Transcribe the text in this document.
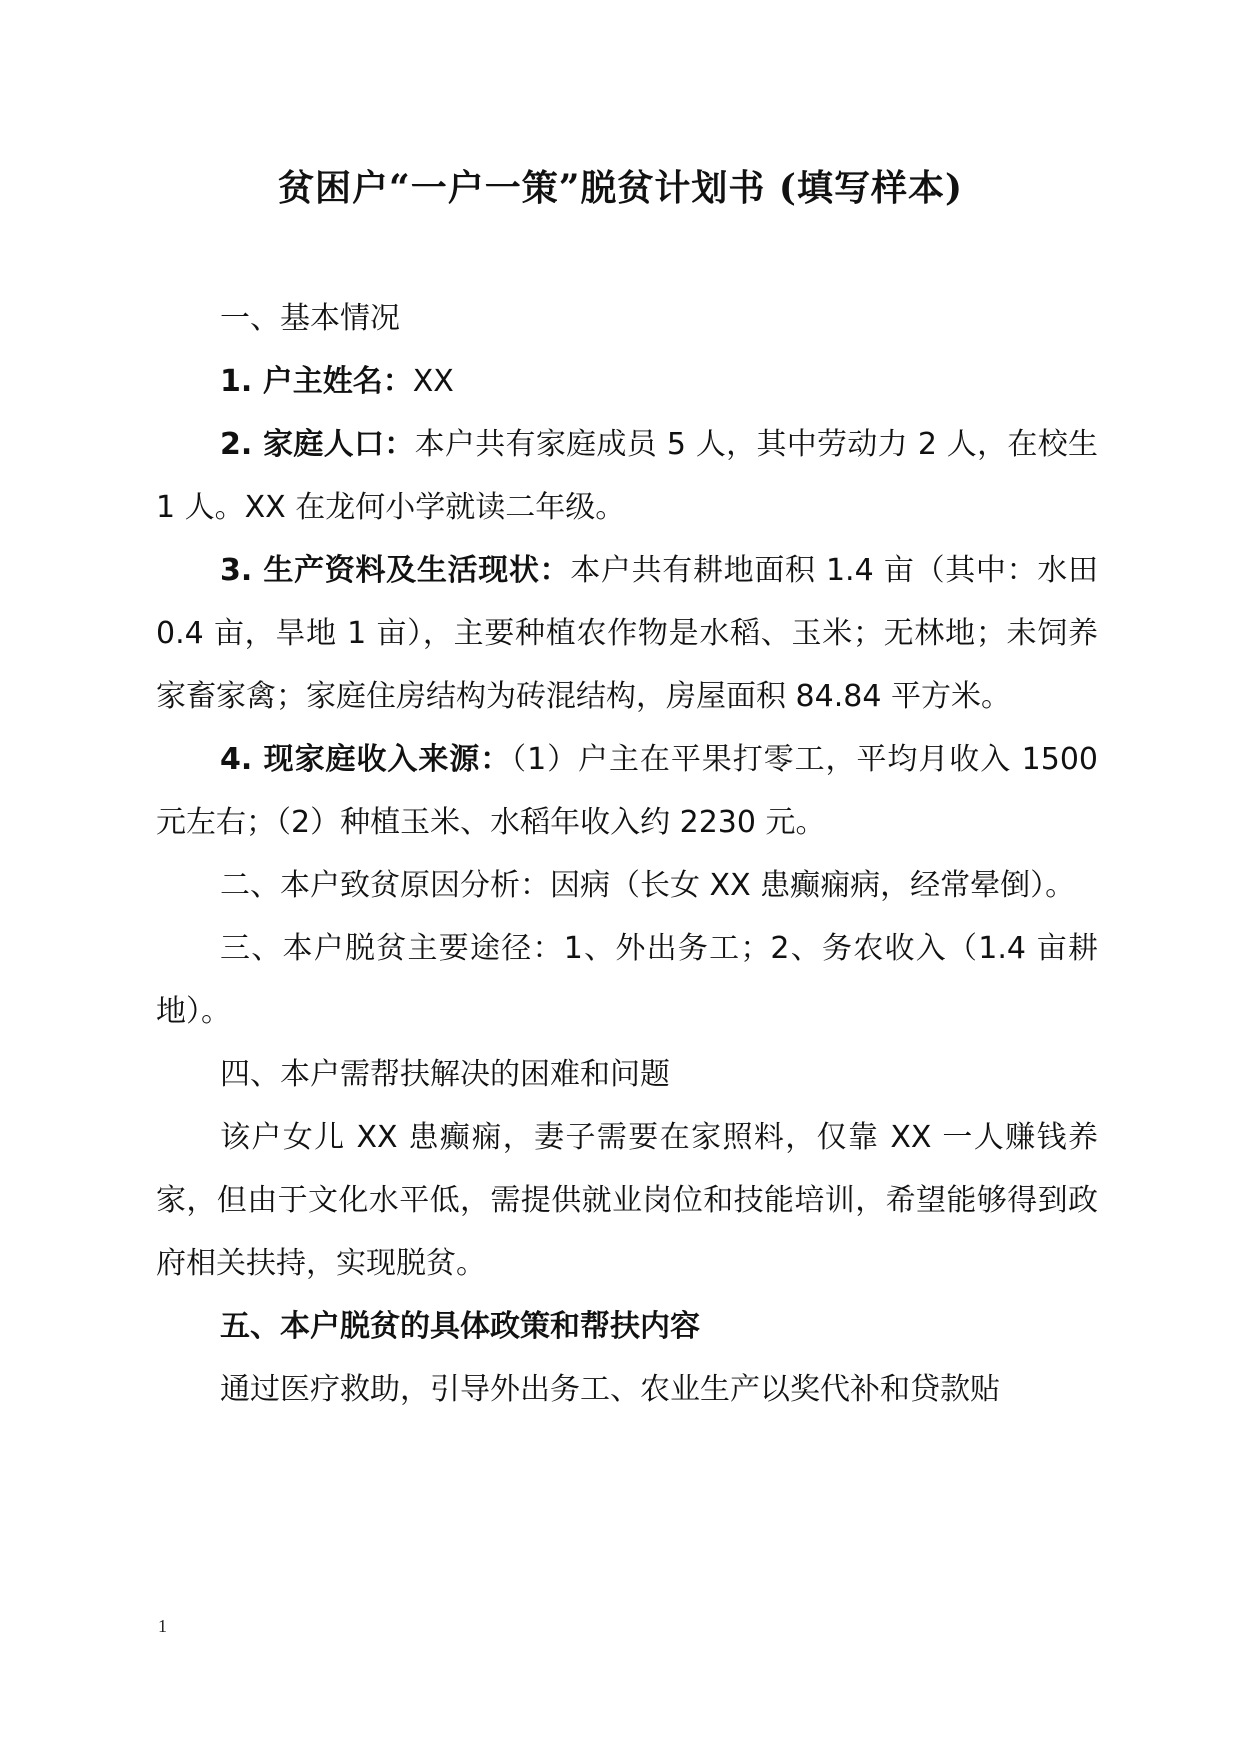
贫困户“一户一策”脱贫计划书 (填写样本)

一、基本情况

1. 户主姓名：XX

2. 家庭人口：本户共有家庭成员 5 人，其中劳动力 2 人，在校生 1 人。XX 在龙何小学就读二年级。

3. 生产资料及生活现状：本户共有耕地面积 1.4 亩（其中：水田 0.4 亩，旱地 1 亩），主要种植农作物是水稻、玉米；无林地；未饲养家畜家禽；家庭住房结构为砖混结构，房屋面积 84.84 平方米。

4. 现家庭收入来源：（1）户主在平果打零工，平均月收入 1500 元左右；（2）种植玉米、水稻年收入约 2230 元。

二、本户致贫原因分析：因病（长女 XX 患癫痫病，经常晕倒）。

三、本户脱贫主要途径：1、外出务工；2、务农收入（1.4 亩耕地）。

四、本户需帮扶解决的困难和问题

该户女儿 XX 患癫痫，妻子需要在家照料，仅靠 XX 一人赚钱养家，但由于文化水平低，需提供就业岗位和技能培训，希望能够得到政府相关扶持，实现脱贫。

五、本户脱贫的具体政策和帮扶内容

通过医疗救助，引导外出务工、农业生产以奖代补和贷款贴

1
